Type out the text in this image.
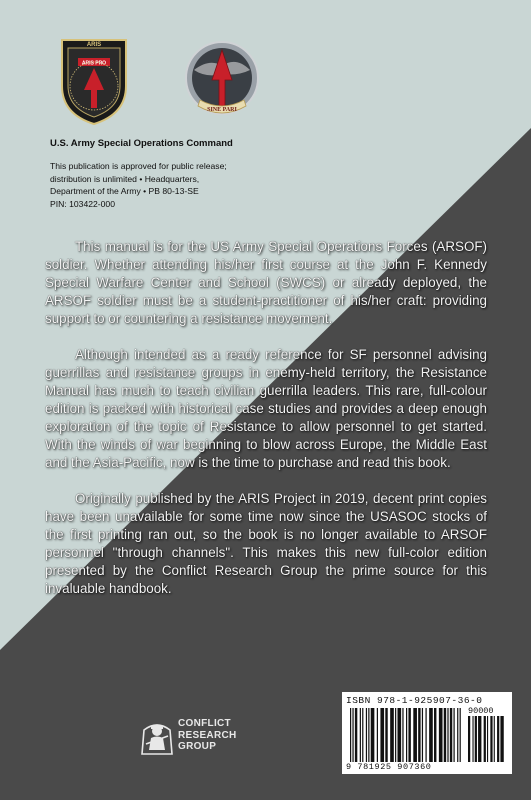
ARIS
ARIS PRO
SINE PARI
U.S. Army Special Operations Command
This publication is approved for public release;
distribution is unlimited • Headquarters,
Department of the Army • PB 80-13-SE
PIN: 103422-000

This manual is for the US Army Special Operations Forces (ARSOF) soldier. Whether attending his/her first course at the John F. Kennedy Special Warfare Center and School (SWCS) or already deployed, the ARSOF soldier must be a student-practitioner of his/her craft: providing support to or countering a resistance movement.

Although intended as a ready reference for SF personnel advising guerrillas and resistance groups in enemy-held territory, the Resistance Manual has much to teach civilian guerrilla leaders. This rare, full-colour edition is packed with historical case studies and provides a deep enough exploration of the topic of Resistance to allow personnel to get started. With the winds of war beginning to blow across Europe, the Middle East and the Asia-Pacific, now is the time to purchase and read this book.

Originally published by the ARIS Project in 2019, decent print copies have been unavailable for some time now since the USASOC stocks of the first printing ran out, so the book is no longer available to ARSOF personnel "through channels". This makes this new full-color edition presented by the Conflict Research Group the prime source for this invaluable handbook.

CONFLICT
RESEARCH
GROUP
ISBN 978-1-925907-36-0
90000
9 781925 907360
